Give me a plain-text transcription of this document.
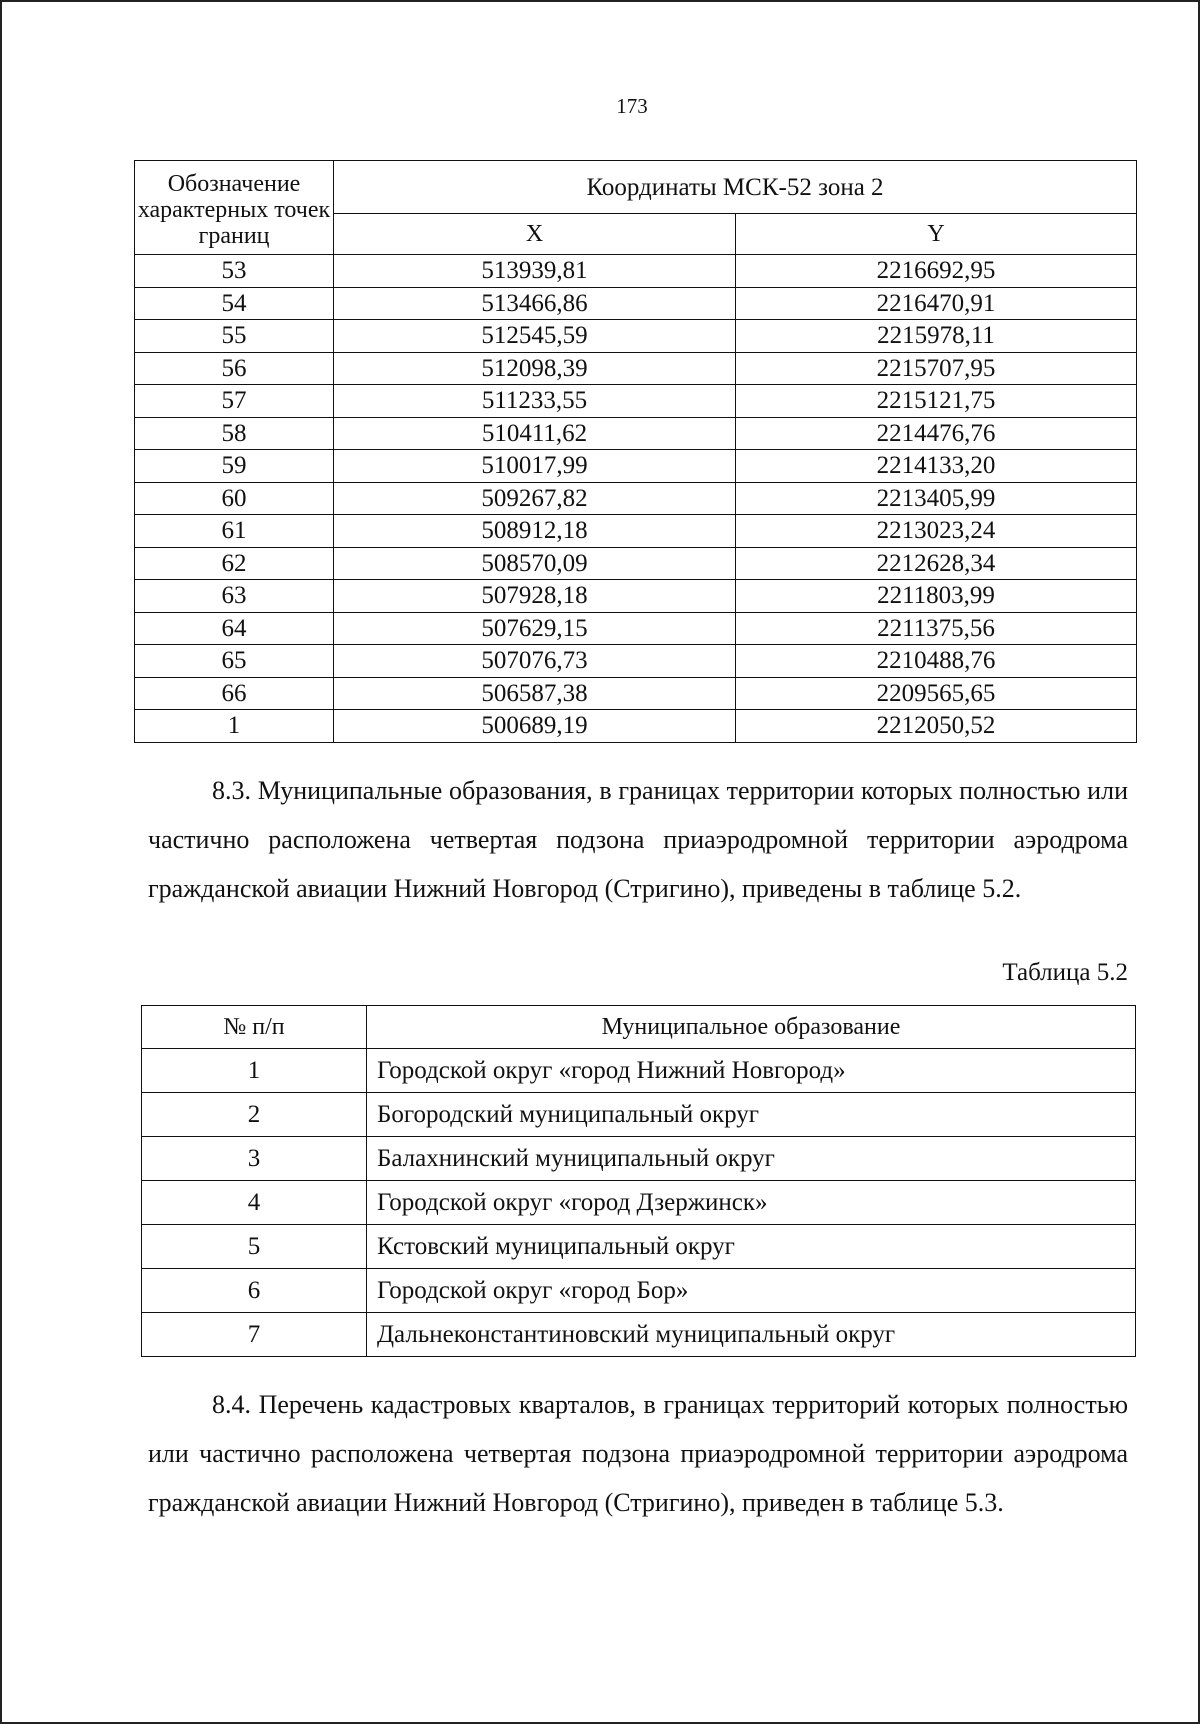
173
Обозначение характерных точек границ	Координаты МСК-52 зона 2	
	X	Y
53	513939,81	2216692,95
54	513466,86	2216470,91
55	512545,59	2215978,11
56	512098,39	2215707,95
57	511233,55	2215121,75
58	510411,62	2214476,76
59	510017,99	2214133,20
60	509267,82	2213405,99
61	508912,18	2213023,24
62	508570,09	2212628,34
63	507928,18	2211803,99
64	507629,15	2211375,56
65	507076,73	2210488,76
66	506587,38	2209565,65
1	500689,19	2212050,52
8.3. Муниципальные образования, в границах территории которых полностью или частично расположена четвертая подзона приаэродромной территории аэродрома гражданской авиации Нижний Новгород (Стригино), приведены в таблице 5.2.
Таблица 5.2
№ п/п	Муниципальное образование
1	Городской округ «город Нижний Новгород»
2	Богородский муниципальный округ
3	Балахнинский муниципальный округ
4	Городской округ «город Дзержинск»
5	Кстовский муниципальный округ
6	Городской округ «город Бор»
7	Дальнеконстантиновский муниципальный округ
8.4. Перечень кадастровых кварталов, в границах территорий которых полностью или частично расположена четвертая подзона приаэродромной территории аэродрома гражданской авиации Нижний Новгород (Стригино), приведен в таблице 5.3.
